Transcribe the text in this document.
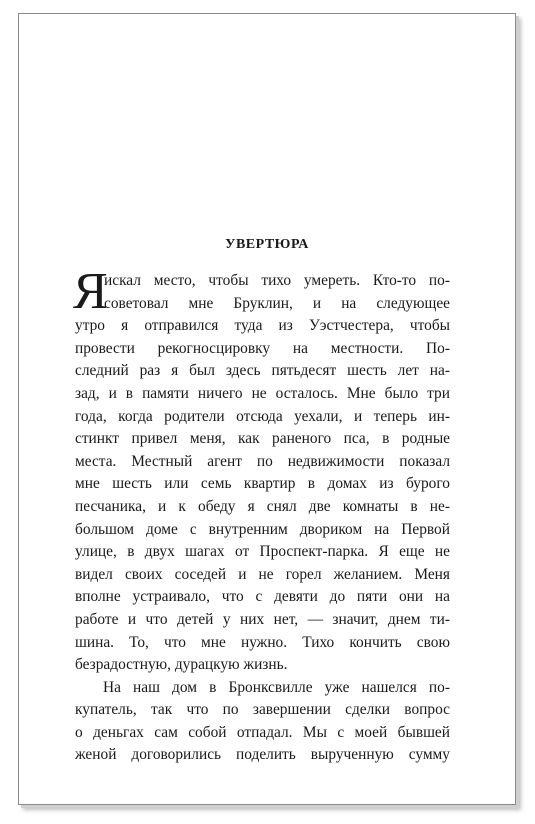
УВЕРТЮРА
Я
искал место, чтобы тихо умереть. Кто-то по-
советовал мне Бруклин, и на следующее
утро я отправился туда из Уэстчестера, чтобы
провести рекогносцировку на местности. По-
следний раз я был здесь пятьдесят шесть лет на-
зад, и в памяти ничего не осталось. Мне было три
года, когда родители отсюда уехали, и теперь ин-
стинкт привел меня, как раненого пса, в родные
места. Местный агент по недвижимости показал
мне шесть или семь квартир в домах из бурого
песчаника, и к обеду я снял две комнаты в не-
большом доме с внутренним двориком на Первой
улице, в двух шагах от Проспект-парка. Я еще не
видел своих соседей и не горел желанием. Меня
вполне устраивало, что с девяти до пяти они на
работе и что детей у них нет, — значит, днем ти-
шина. То, что мне нужно. Тихо кончить свою
безрадостную, дурацкую жизнь.
На наш дом в Бронксвилле уже нашелся по-
купатель, так что по завершении сделки вопрос
о деньгах сам собой отпадал. Мы с моей бывшей
женой договорились поделить вырученную сумму
